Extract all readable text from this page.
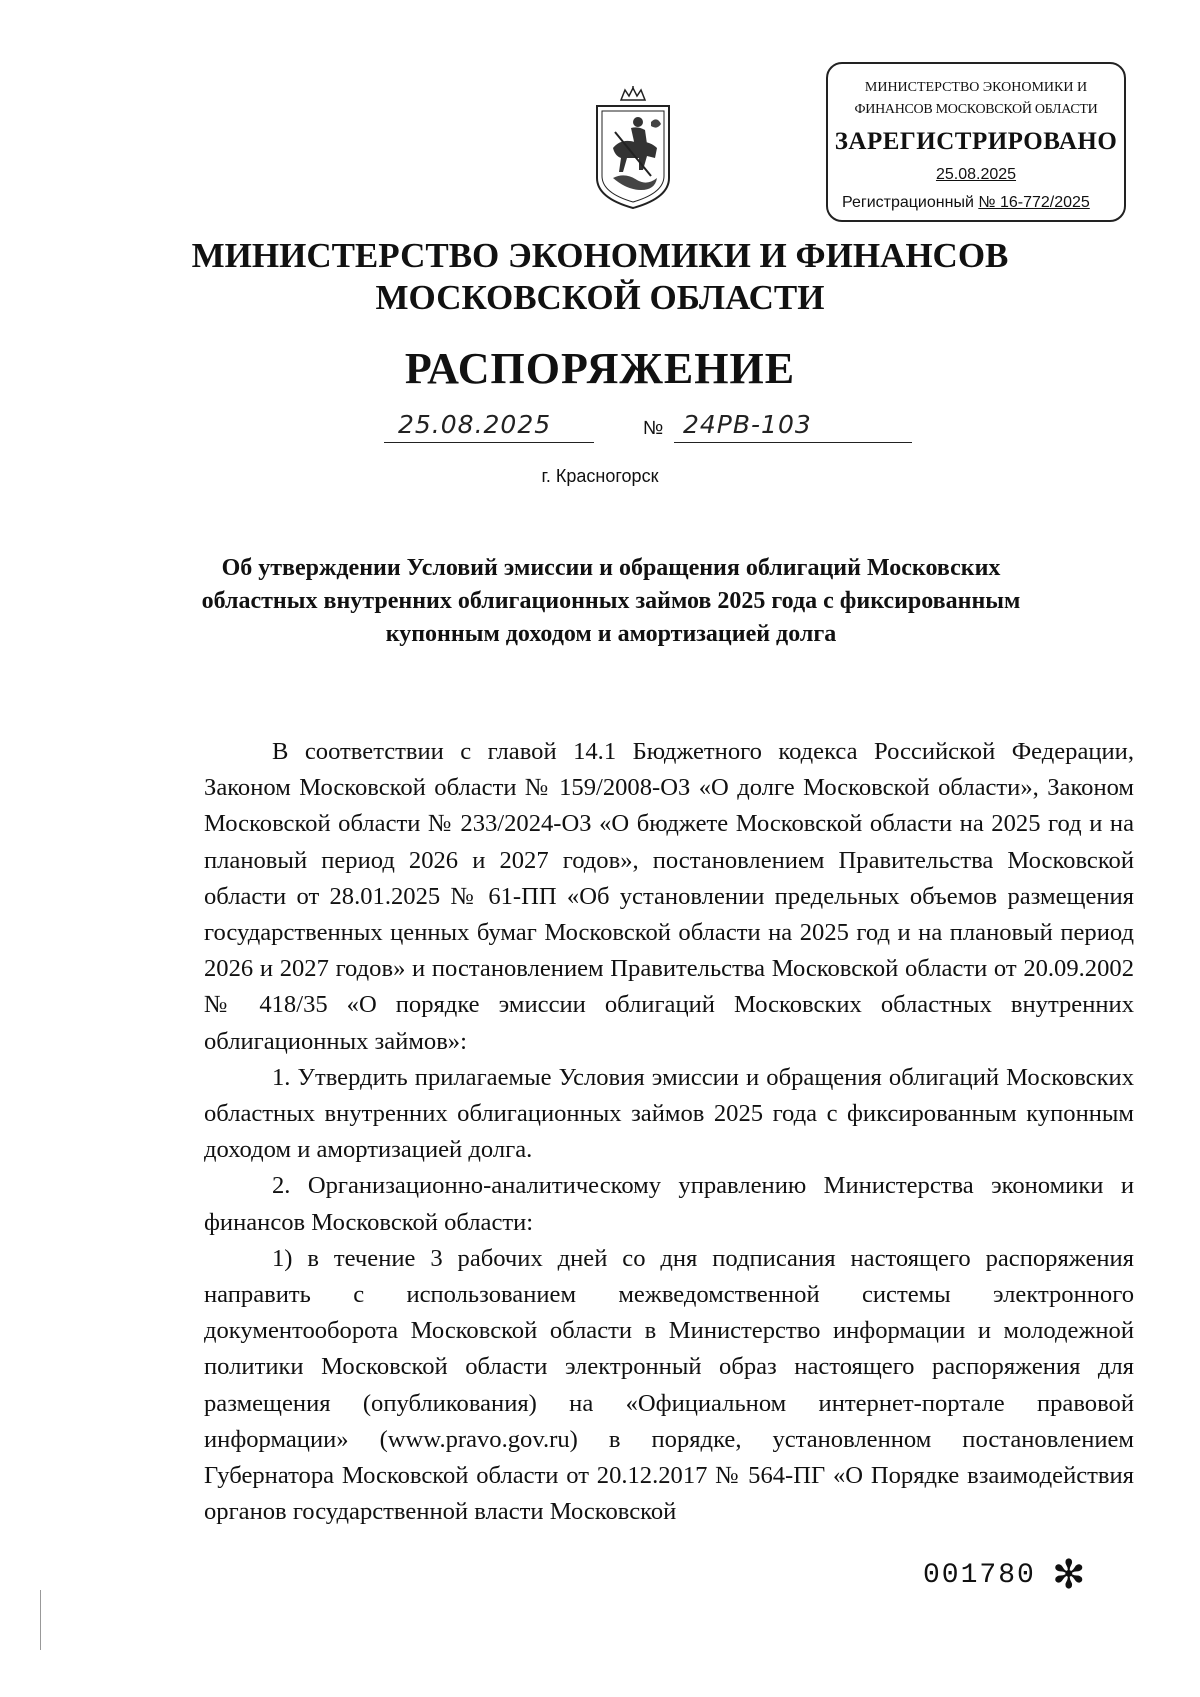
МИНИСТЕРСТВО ЭКОНОМИКИ И
ФИНАНСОВ МОСКОВСКОЙ ОБЛАСТИ
ЗАРЕГИСТРИРОВАНО
25.08.2025
Регистрационный № 16-772/2025
МИНИСТЕРСТВО ЭКОНОМИКИ И ФИНАНСОВ
МОСКОВСКОЙ ОБЛАСТИ
РАСПОРЯЖЕНИЕ
25.08.2025	№ 24РВ-103
г. Красногорск
Об утверждении Условий эмиссии и обращения облигаций Московских областных внутренних облигационных займов 2025 года с фиксированным купонным доходом и амортизацией долга

В соответствии с главой 14.1 Бюджетного кодекса Российской Федерации, Законом Московской области № 159/2008-ОЗ «О долге Московской области», Законом Московской области № 233/2024-ОЗ «О бюджете Московской области на 2025 год и на плановый период 2026 и 2027 годов», постановлением Правительства Московской области от 28.01.2025 № 61-ПП «Об установлении предельных объемов размещения государственных ценных бумаг Московской области на 2025 год и на плановый период 2026 и 2027 годов» и постановлением Правительства Московской области от 20.09.2002 № 418/35 «О порядке эмиссии облигаций Московских областных внутренних облигационных займов»:

1. Утвердить прилагаемые Условия эмиссии и обращения облигаций Московских областных внутренних облигационных займов 2025 года с фиксированным купонным доходом и амортизацией долга.

2. Организационно-аналитическому управлению Министерства экономики и финансов Московской области:

1) в течение 3 рабочих дней со дня подписания настоящего распоряжения направить с использованием межведомственной системы электронного документооборота Московской области в Министерство информации и молодежной политики Московской области электронный образ настоящего распоряжения для размещения (опубликования) на «Официальном интернет-портале правовой информации» (www.pravo.gov.ru) в порядке, установленном постановлением Губернатора Московской области от 20.12.2017 № 564-ПГ «О Порядке взаимодействия органов государственной власти Московской

001780 ✻
